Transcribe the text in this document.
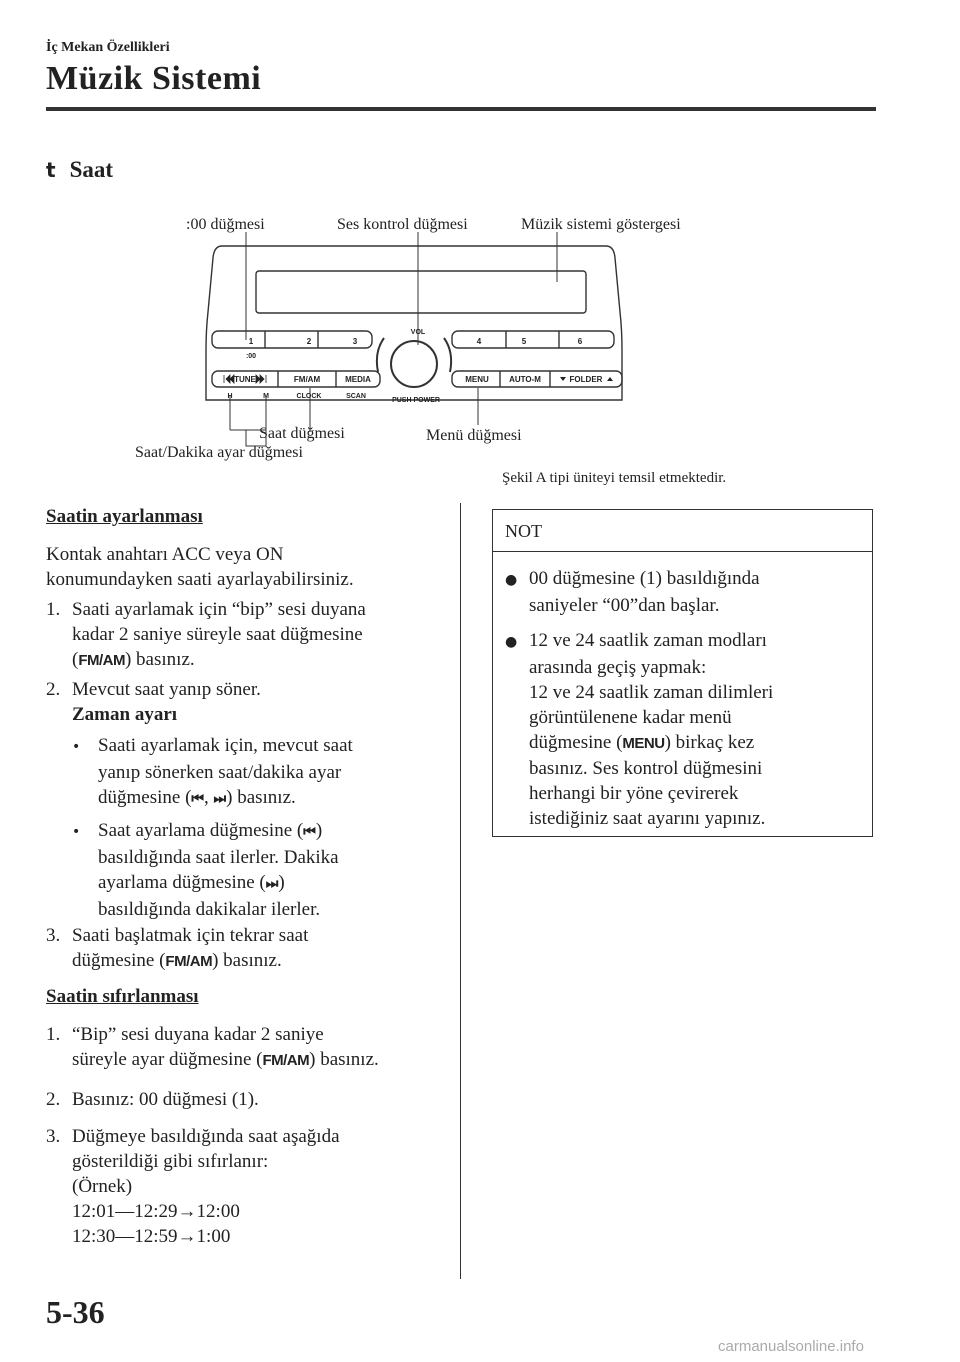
İç Mekan Özellikleri
Müzik Sistemi
t Saat
:00 düğmesi	Ses kontrol düğmesi	Müzik sistemi göstergesi
Saat düğmesi
Saat/Dakika ayar düğmesi
Menü düğmesi
1	2	3	4	5	6
:00
TUNE	FM/AM	MEDIA
H	M	CLOCK	SCAN
VOL
PUSH POWER
MENU	AUTO-M	FOLDER
Şekil A tipi üniteyi temsil etmektedir.
Saatin ayarlanması
Kontak anahtarı ACC veya ON
konumundayken saati ayarlayabilirsiniz.
1. Saati ayarlamak için “bip” sesi duyana
kadar 2 saniye süreyle saat düğmesine
(FM/AM) basınız.
2. Mevcut saat yanıp söner.
Zaman ayarı
• Saati ayarlamak için, mevcut saat
yanıp sönerken saat/dakika ayar
düğmesine (⏮, ⏭) basınız.
• Saat ayarlama düğmesine (⏮)
basıldığında saat ilerler. Dakika
ayarlama düğmesine (⏭)
basıldığında dakikalar ilerler.
3. Saati başlatmak için tekrar saat
düğmesine (FM/AM) basınız.
Saatin sıfırlanması
1. “Bip” sesi duyana kadar 2 saniye
süreyle ayar düğmesine (FM/AM) basınız.
2. Basınız: 00 düğmesi (1).
3. Düğmeye basıldığında saat aşağıda
gösterildiği gibi sıfırlanır:
(Örnek)
12:01—12:29→12:00
12:30—12:59→1:00
NOT
● 00 düğmesine (1) basıldığında
saniyeler “00”dan başlar.
● 12 ve 24 saatlik zaman modları
arasında geçiş yapmak:
12 ve 24 saatlik zaman dilimleri
görüntülenene kadar menü
düğmesine (MENU) birkaç kez
basınız. Ses kontrol düğmesini
herhangi bir yöne çevirerek
istediğiniz saat ayarını yapınız.
5-36
carmanualsonline.info
